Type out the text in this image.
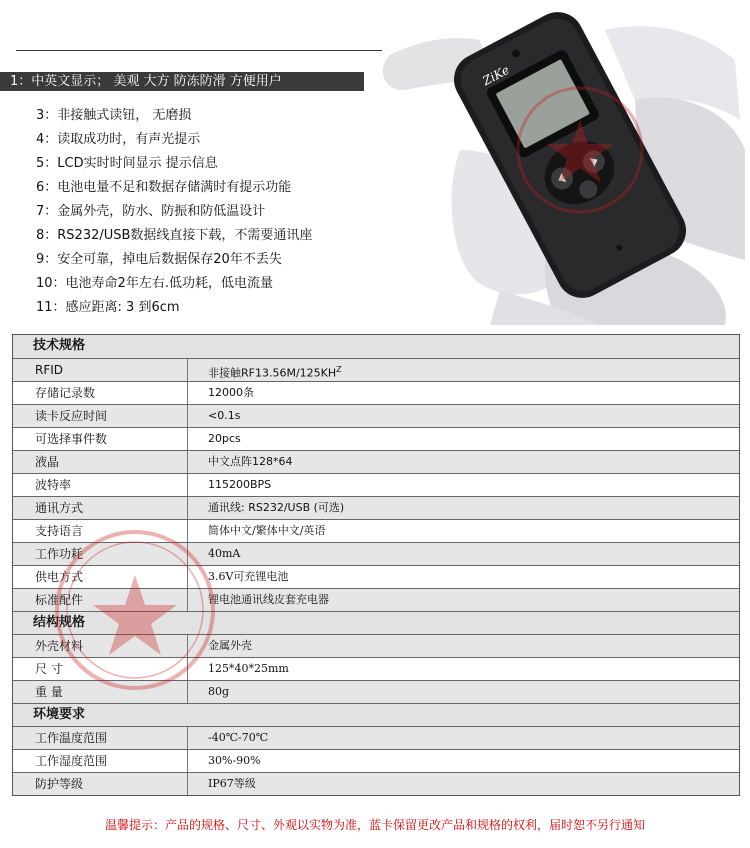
1：中英文显示； 美观 大方 防冻防滑 方便用户
3：非接触式读钮， 无磨损
4：读取成功时，有声光提示
5：LCD实时时间显示 提示信息
6：电池电量不足和数据存储满时有提示功能
7：金属外壳，防水、防振和防低温设计
8：RS232/USB数据线直接下载，不需要通讯座
9：安全可靠，掉电后数据保存20年不丢失
10：电池寿命2年左右.低功耗，低电流量
11：感应距离: 3 到6cm
ZiKe
技术规格
RFID	非接触$RF13.56M/125KH^Z$
存储记录数	12000条
读卡反应时间	<0.1s
可选择事件数	20pcs
液晶	中文点阵128*64
波特率	115200BPS
通讯方式	通讯线: RS232/USB (可选)
支持语言	简体中文/繁体中文/英语
工作功耗	40mA
供电方式	3.6V可充锂电池
标准配件	锂电池通讯线皮套充电器
结构规格
外壳材料	金属外壳
尺 寸	125*40*25mm
重 量	80g
环境要求
工作温度范围	-40℃-70℃
工作湿度范围	30%-90%
防护等级	IP67等级
温馨提示：产品的规格、尺寸、外观以实物为准，蓝卡保留更改产品和规格的权利，届时恕不另行通知
